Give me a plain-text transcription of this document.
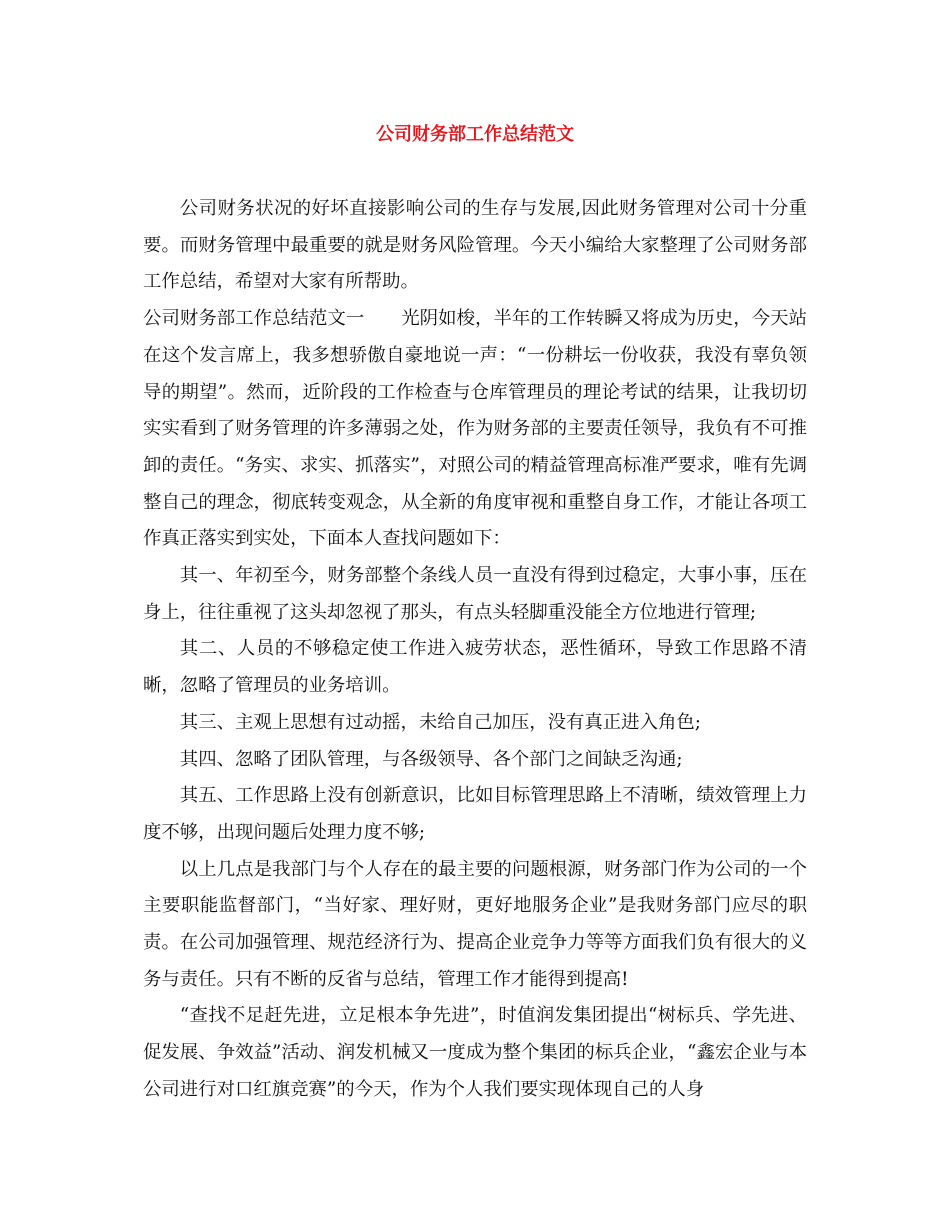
公司财务部工作总结范文

公司财务状况的好坏直接影响公司的生存与发展,因此财务管理对公司十分重要。而财务管理中最重要的就是财务风险管理。今天小编给大家整理了公司财务部工作总结，希望对大家有所帮助。

公司财务部工作总结范文一　　光阴如梭，半年的工作转瞬又将成为历史，今天站在这个发言席上，我多想骄傲自豪地说一声：“一份耕坛一份收获，我没有辜负领导的期望”。然而，近阶段的工作检查与仓库管理员的理论考试的结果，让我切切实实看到了财务管理的许多薄弱之处，作为财务部的主要责任领导，我负有不可推卸的责任。“务实、求实、抓落实”，对照公司的精益管理高标准严要求，唯有先调整自己的理念，彻底转变观念，从全新的角度审视和重整自身工作，才能让各项工作真正落实到实处，下面本人查找问题如下：

其一、年初至今，财务部整个条线人员一直没有得到过稳定，大事小事，压在身上，往往重视了这头却忽视了那头，有点头轻脚重没能全方位地进行管理;

其二、人员的不够稳定使工作进入疲劳状态，恶性循环，导致工作思路不清晰，忽略了管理员的业务培训。

其三、主观上思想有过动摇，未给自己加压，没有真正进入角色;

其四、忽略了团队管理，与各级领导、各个部门之间缺乏沟通;

其五、工作思路上没有创新意识，比如目标管理思路上不清晰，绩效管理上力度不够，出现问题后处理力度不够;

以上几点是我部门与个人存在的最主要的问题根源，财务部门作为公司的一个主要职能监督部门，“当好家、理好财，更好地服务企业”是我财务部门应尽的职责。在公司加强管理、规范经济行为、提高企业竞争力等等方面我们负有很大的义务与责任。只有不断的反省与总结，管理工作才能得到提高!

“查找不足赶先进，立足根本争先进”，时值润发集团提出“树标兵、学先进、促发展、争效益”活动、润发机械又一度成为整个集团的标兵企业，“鑫宏企业与本公司进行对口红旗竞赛”的今天，作为个人我们要实现体现自己的人身
